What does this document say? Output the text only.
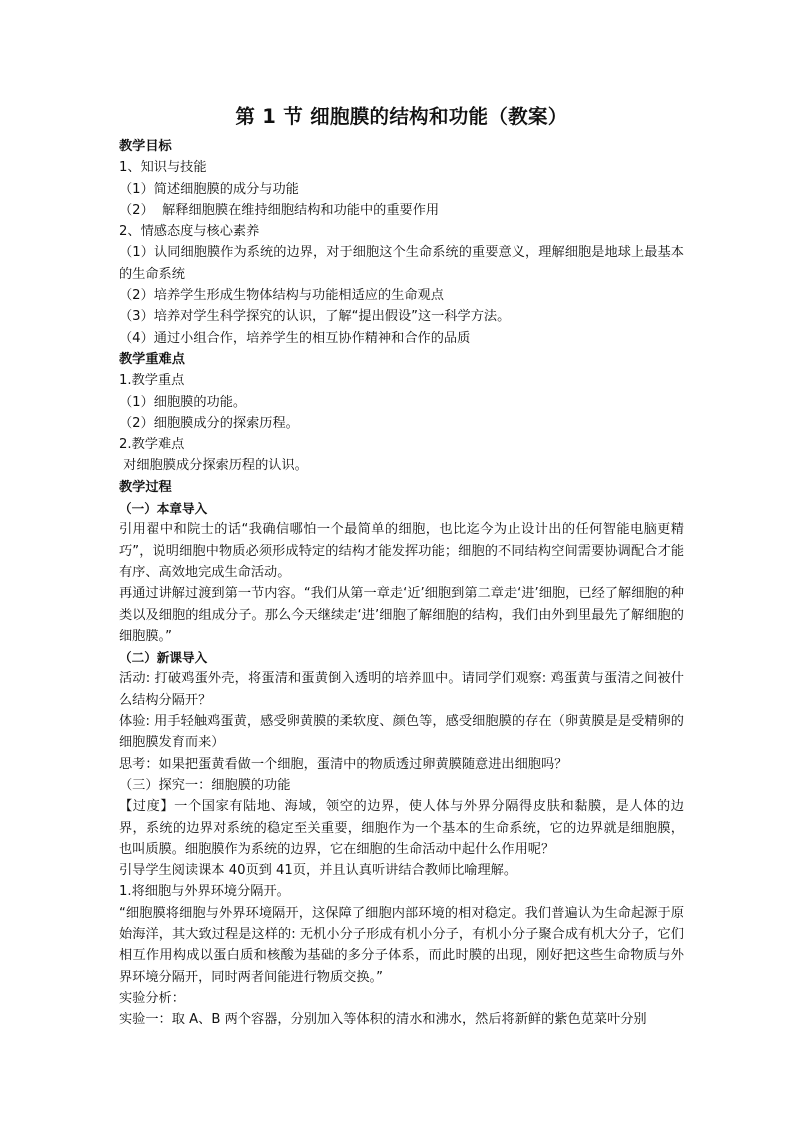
第 1 节 细胞膜的结构和功能（教案）

教学目标

1、知识与技能

（1）简述细胞膜的成分与功能

（2）  解释细胞膜在维持细胞结构和功能中的重要作用

2、情感态度与核心素养

（1）认同细胞膜作为系统的边界，对于细胞这个生命系统的重要意义，理解细胞是地球上最基本的生命系统

（2）培养学生形成生物体结构与功能相适应的生命观点

（3）培养对学生科学探究的认识，了解“提出假设”这一科学方法。

（4）通过小组合作，培养学生的相互协作精神和合作的品质

教学重难点

1.教学重点

（1）细胞膜的功能。

（2）细胞膜成分的探索历程。

2.教学难点

对细胞膜成分探索历程的认识。

教学过程

（一）本章导入

引用翟中和院士的话“我确信哪怕一个最简单的细胞，也比迄今为止设计出的任何智能电脑更精巧”，说明细胞中物质必须形成特定的结构才能发挥功能；细胞的不同结构空间需要协调配合才能有序、高效地完成生命活动。

再通过讲解过渡到第一节内容。“我们从第一章走‘近’细胞到第二章走‘进’细胞，已经了解细胞的种类以及细胞的组成分子。那么今天继续走‘进’细胞了解细胞的结构，我们由外到里最先了解细胞的细胞膜。”

（二）新课导入

活动: 打破鸡蛋外壳，将蛋清和蛋黄倒入透明的培养皿中。请同学们观察: 鸡蛋黄与蛋清之间被什么结构分隔开？

体验: 用手轻触鸡蛋黄，感受卵黄膜的柔软度、颜色等，感受细胞膜的存在（卵黄膜是是受精卵的细胞膜发育而来）

思考：如果把蛋黄看做一个细胞，蛋清中的物质透过卵黄膜随意进出细胞吗？

（三）探究一：细胞膜的功能

【过度】一个国家有陆地、海域，领空的边界，使人体与外界分隔得皮肤和黏膜，是人体的边界，系统的边界对系统的稳定至关重要，细胞作为一个基本的生命系统，它的边界就是细胞膜，也叫质膜。细胞膜作为系统的边界，它在细胞的生命活动中起什么作用呢？

引导学生阅读课本 40页到 41页，并且认真听讲结合教师比喻理解。

1.将细胞与外界环境分隔开。

“细胞膜将细胞与外界环境隔开，这保障了细胞内部环境的相对稳定。我们普遍认为生命起源于原始海洋，其大致过程是这样的: 无机小分子形成有机小分子，有机小分子聚合成有机大分子，它们相互作用构成以蛋白质和核酸为基础的多分子体系，而此时膜的出现，刚好把这些生命物质与外界环境分隔开，同时两者间能进行物质交换。”

实验分析：

实验一：取 A、B 两个容器，分别加入等体积的清水和沸水，然后将新鲜的紫色苋菜叶分别
